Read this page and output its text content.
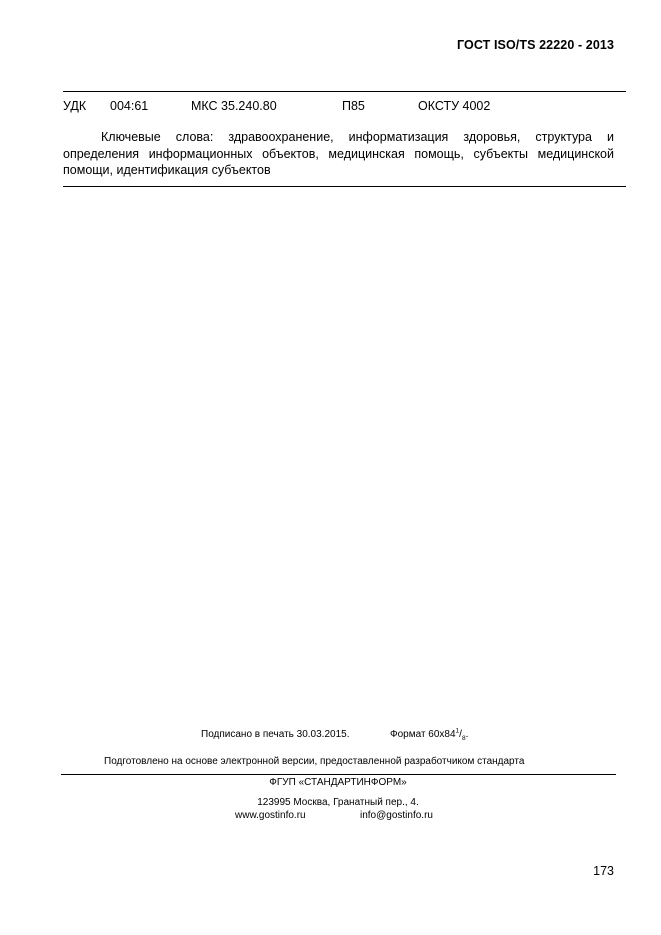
ГОСТ ISO/TS 22220 - 2013
УДК 004:61	МКС 35.240.80	П85	ОКСТУ 4002
Ключевые слова: здравоохранение, информатизация здоровья, структура и определения информационных объектов, медицинская помощь, субъекты медицинской помощи, идентификация субъектов
Подписано в печать 30.03.2015.	Формат $60х84^1/_8$.
Подготовлено на основе электронной версии, предоставленной разработчиком стандарта
ФГУП «СТАНДАРТИНФОРМ»
123995 Москва, Гранатный пер., 4.
www.gostinfo.ru	info@gostinfo.ru
173
